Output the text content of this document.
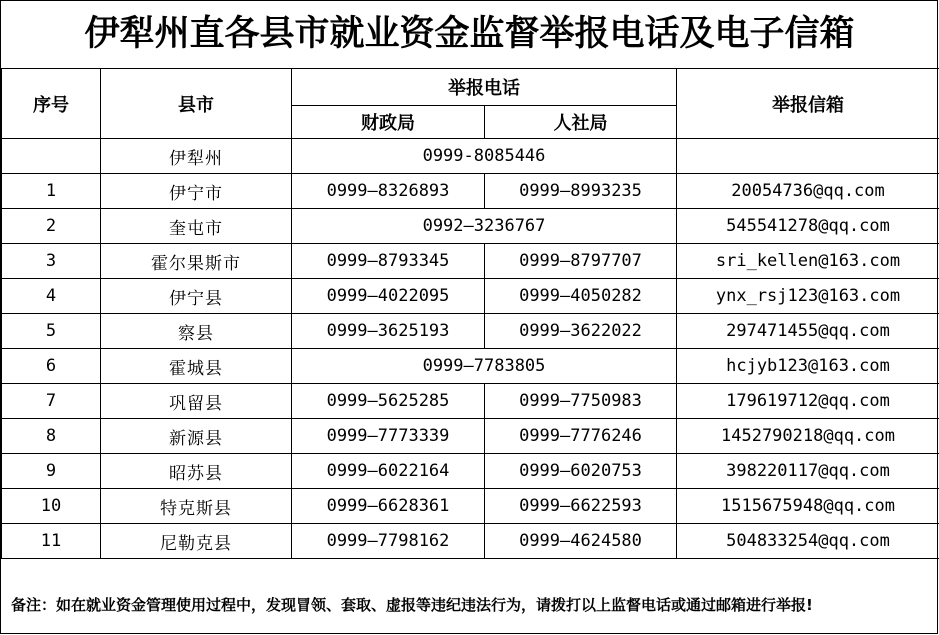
伊犁州直各县市就业资金监督举报电话及电子信箱
序号	县市	举报电话		举报信箱
		财政局	人社局	
	伊犁州	0999-8085446		
1	伊宁市	0999—8326893	0999—8993235	20054736@qq.com
2	奎屯市	0992—3236767		545541278@qq.com
3	霍尔果斯市	0999—8793345	0999—8797707	sri_kellen@163.com
4	伊宁县	0999—4022095	0999—4050282	ynx_rsj123@163.com
5	察县	0999—3625193	0999—3622022	297471455@qq.com
6	霍城县	0999—7783805		hcjyb123@163.com
7	巩留县	0999—5625285	0999—7750983	179619712@qq.com
8	新源县	0999—7773339	0999—7776246	1452790218@qq.com
9	昭苏县	0999—6022164	0999—6020753	398220117@qq.com
10	特克斯县	0999—6628361	0999—6622593	1515675948@qq.com
11	尼勒克县	0999—7798162	0999—4624580	504833254@qq.com
备注：如在就业资金管理使用过程中，发现冒领、套取、虚报等违纪违法行为，请拨打以上监督电话或通过邮箱进行举报!
